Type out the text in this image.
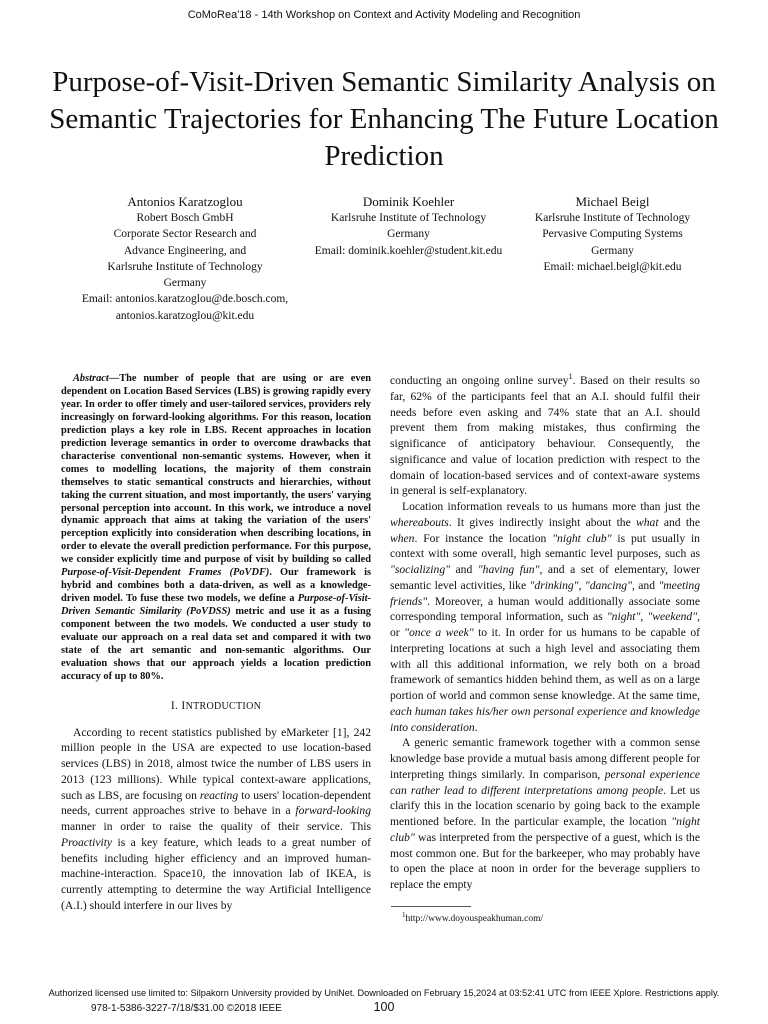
CoMoRea'18 - 14th Workshop on Context and Activity Modeling and Recognition
Purpose-of-Visit-Driven Semantic Similarity Analysis on Semantic Trajectories for Enhancing The Future Location Prediction
Antonios Karatzoglou
Robert Bosch GmbH
Corporate Sector Research and
Advance Engineering, and
Karlsruhe Institute of Technology
Germany
Email: antonios.karatzoglou@de.bosch.com,
antonios.karatzoglou@kit.edu
Dominik Koehler
Karlsruhe Institute of Technology
Germany
Email: dominik.koehler@student.kit.edu
Michael Beigl
Karlsruhe Institute of Technology
Pervasive Computing Systems
Germany
Email: michael.beigl@kit.edu

Abstract—The number of people that are using or are even dependent on Location Based Services (LBS) is growing rapidly every year. In order to offer timely and user-tailored services, providers rely increasingly on forward-looking algorithms. For this reason, location prediction plays a key role in LBS. Recent approaches in location prediction leverage semantics in order to overcome drawbacks that characterise conventional non-semantic systems. However, when it comes to modelling locations, the majority of them constrain themselves to static semantical constructs and hierarchies, without taking the current situation, and most importantly, the users' varying personal perception into account. In this work, we introduce a novel dynamic approach that aims at taking the variation of the users' perception explicitly into consideration when describing locations, in order to elevate the overall prediction performance. For this purpose, we consider explicitly time and purpose of visit by building so called Purpose-of-Visit-Dependent Frames (PoVDF). Our framework is hybrid and combines both a data-driven, as well as a knowledge-driven model. To fuse these two models, we define a Purpose-of-Visit-Driven Semantic Similarity (PoVDSS) metric and use it as a fusing component between the two models. We conducted a user study to evaluate our approach on a real data set and compared it with two state of the art semantic and non-semantic algorithms. Our evaluation shows that our approach yields a location prediction accuracy of up to 80%.

I. INTRODUCTION

According to recent statistics published by eMarketer [1], 242 million people in the USA are expected to use location-based services (LBS) in 2018, almost twice the number of LBS users in 2013 (123 millions). While typical context-aware applications, such as LBS, are focusing on reacting to users' location-dependent needs, current approaches strive to behave in a forward-looking manner in order to raise the quality of their service. This Proactivity is a key feature, which leads to a great number of benefits including higher efficiency and an improved human-machine-interaction. Space10, the innovation lab of IKEA, is currently attempting to determine the way Artificial Intelligence (A.I.) should interfere in our lives by

conducting an ongoing online survey$^1$. Based on their results so far, 62% of the participants feel that an A.I. should fulfil their needs before even asking and 74% state that an A.I. should prevent them from making mistakes, thus confirming the significance of anticipatory behaviour. Consequently, the significance and value of location prediction with respect to the domain of location-based services and of context-aware systems in general is self-explanatory.

Location information reveals to us humans more than just the whereabouts. It gives indirectly insight about the what and the when. For instance the location "night club" is put usually in context with some overall, high semantic level purposes, such as "socializing" and "having fun", and a set of elementary, lower semantic level activities, like "drinking", "dancing", and "meeting friends". Moreover, a human would additionally associate some corresponding temporal information, such as "night", "weekend", or "once a week" to it. In order for us humans to be capable of interpreting locations at such a high level and associating them with all this additional information, we rely both on a broad framework of semantics hidden behind them, as well as on a large portion of world and common sense knowledge. At the same time, each human takes his/her own personal experience and knowledge into consideration.

A generic semantic framework together with a common sense knowledge base provide a mutual basis among different people for interpreting things similarly. In comparison, personal experience can rather lead to different interpretations among people. Let us clarify this in the location scenario by going back to the example mentioned before. In the particular example, the location "night club" was interpreted from the perspective of a guest, which is the most common one. But for the barkeeper, who may probably have to open the place at noon in order for the beverage suppliers to replace the empty

$^1$http://www.doyouspeakhuman.com/
Authorized licensed use limited to: Silpakorn University provided by UniNet. Downloaded on February 15,2024 at 03:52:41 UTC from IEEE Xplore. Restrictions apply.
978-1-5386-3227-7/18/$31.00 ©2018 IEEE	100
